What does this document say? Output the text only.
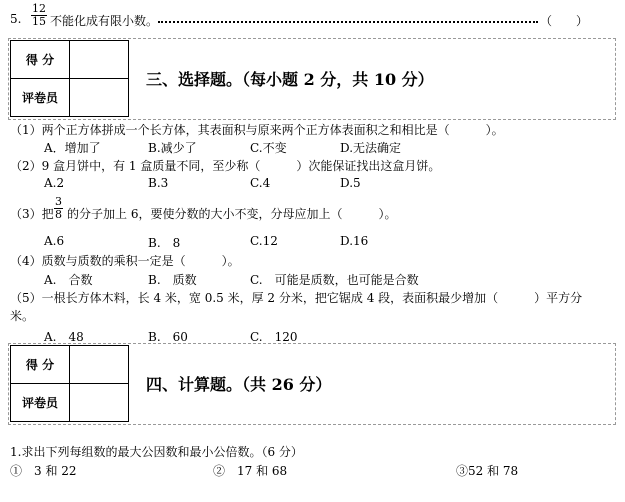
5. $\frac{12}{15}$ 不能化成有限小数。	（　　）
得 分	
评卷员	
三、选择题。（每小题 2 分，共 10 分）
（1）两个正方体拼成一个长方体，其表面积与原来两个正方体表面积之和相比是（　　　）。
A．增加了	B.减少了	C.不变	D.无法确定
（2）9 盒月饼中，有 1 盒质量不同，至少称（　　　）次能保证找出这盒月饼。
A.2	B.3	C.4	D.5
（3）把 $\frac{3}{8}$ 的分子加上 6，要使分数的大小不变，分母应加上（　　　）。
A.6	B.　8	C.12	D.16
（4）质数与质数的乘积一定是（　　　）。
A.　合数	B.　质数	C.　可能是质数，也可能是合数
（5）一根长方体木料，长 4 米，宽 0.5 米，厚 2 分米，把它锯成 4 段，表面积最少增加（　　　）平方分
米。
A.　48	B.　60	C.　120
得 分	
评卷员	
四、计算题。（共 26 分）
1.求出下列每组数的最大公因数和最小公倍数。（6 分）
①　3 和 22	②　17 和 68	③52 和 78
